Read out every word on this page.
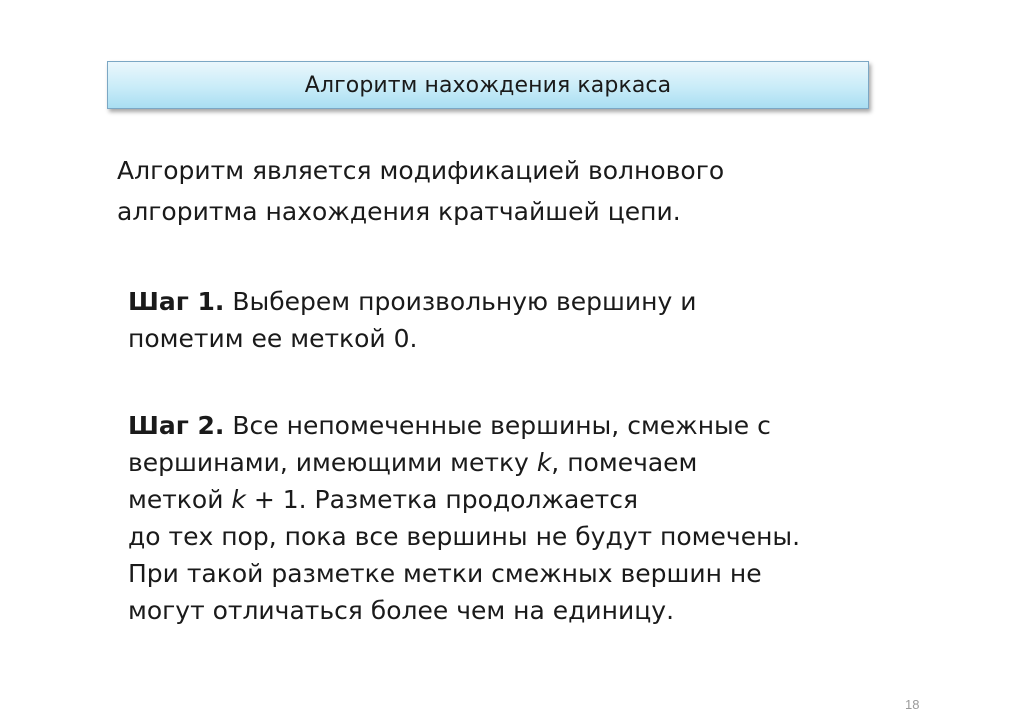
Алгоритм нахождения каркаса
Алгоритм является модификацией волнового
алгоритма нахождения кратчайшей цепи.
Шаг 1. Выберем произвольную вершину и
пометим ее меткой 0.
Шаг 2. Все непомеченные вершины, смежные с
вершинами, имеющими метку k, помечаем
меткой k + 1. Разметка продолжается
до тех пор, пока все вершины не будут помечены.
При такой разметке метки смежных вершин не
могут отличаться более чем на единицу.
18
